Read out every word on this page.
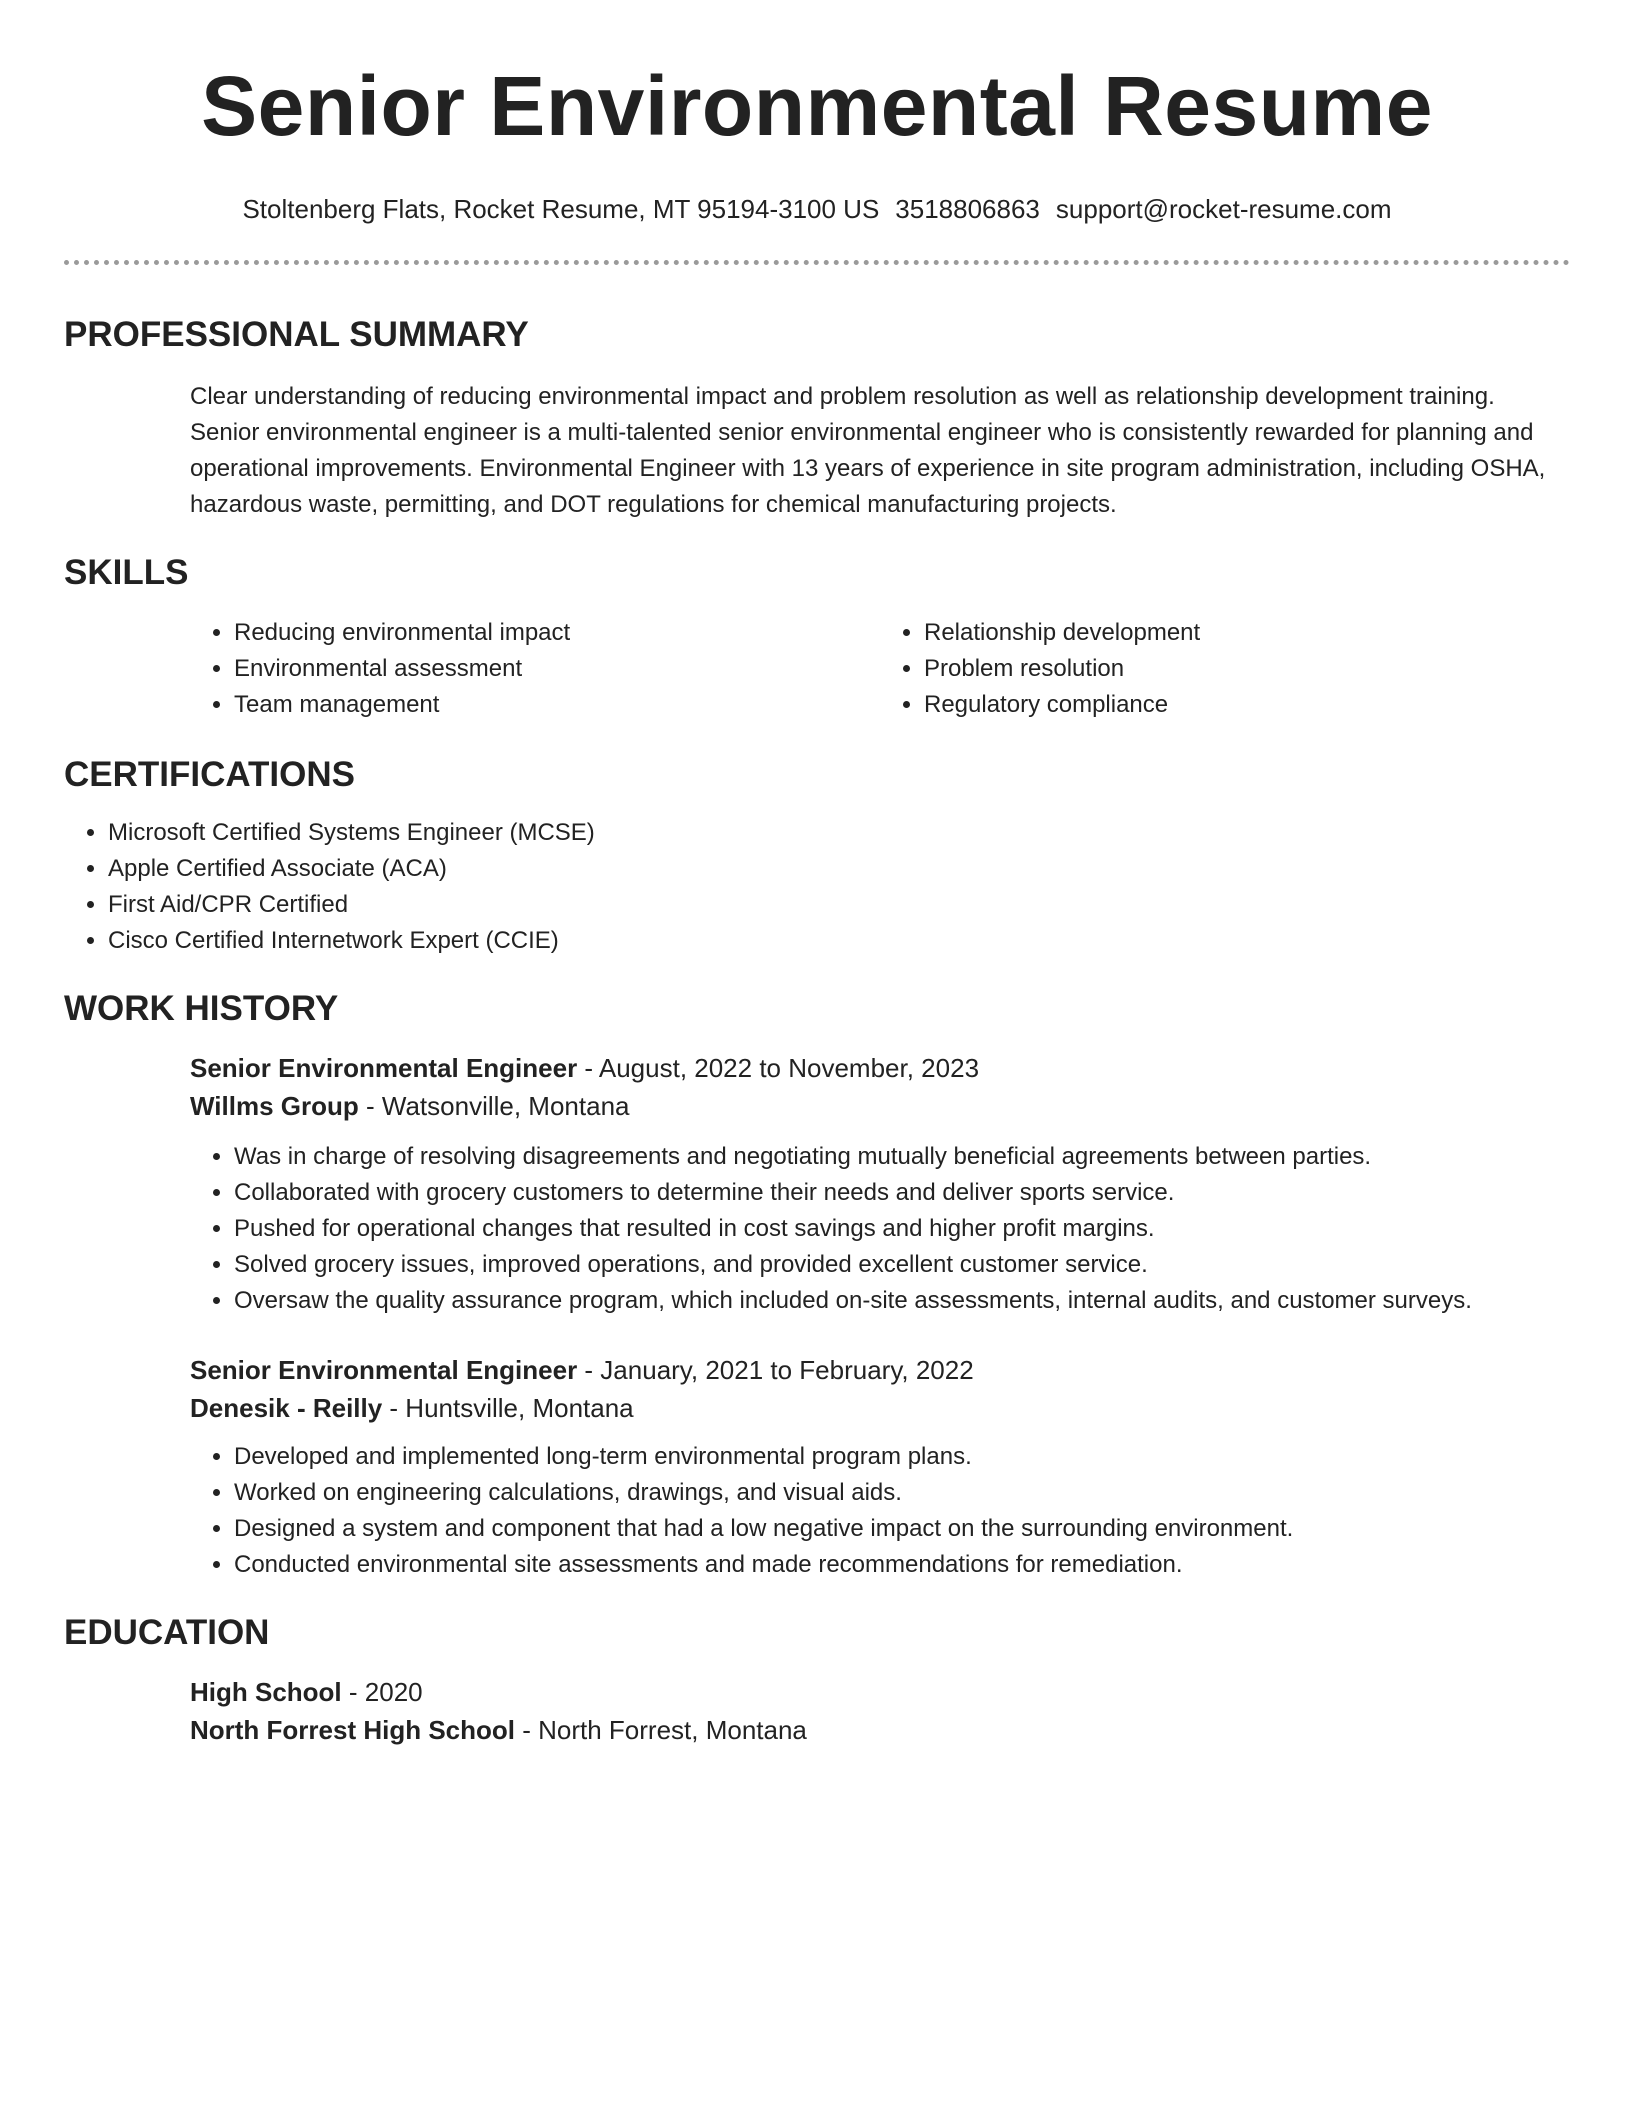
Senior Environmental Resume
Stoltenberg Flats, Rocket Resume, MT 95194-3100 US 3518806863 support@rocket-resume.com
PROFESSIONAL SUMMARY

Clear understanding of reducing environmental impact and problem resolution as well as relationship development training. Senior environmental engineer is a multi-talented senior environmental engineer who is consistently rewarded for planning and operational improvements. Environmental Engineer with 13 years of experience in site program administration, including OSHA, hazardous waste, permitting, and DOT regulations for chemical manufacturing projects.

SKILLS
• Reducing environmental impact
• Environmental assessment
• Team management
• Relationship development
• Problem resolution
• Regulatory compliance
CERTIFICATIONS
• Microsoft Certified Systems Engineer (MCSE)
• Apple Certified Associate (ACA)
• First Aid/CPR Certified
• Cisco Certified Internetwork Expert (CCIE)
WORK HISTORY
Senior Environmental Engineer - August, 2022 to November, 2023
Willms Group - Watsonville, Montana
• Was in charge of resolving disagreements and negotiating mutually beneficial agreements between parties.
• Collaborated with grocery customers to determine their needs and deliver sports service.
• Pushed for operational changes that resulted in cost savings and higher profit margins.
• Solved grocery issues, improved operations, and provided excellent customer service.
• Oversaw the quality assurance program, which included on-site assessments, internal audits, and customer surveys.
Senior Environmental Engineer - January, 2021 to February, 2022
Denesik - Reilly - Huntsville, Montana
• Developed and implemented long-term environmental program plans.
• Worked on engineering calculations, drawings, and visual aids.
• Designed a system and component that had a low negative impact on the surrounding environment.
• Conducted environmental site assessments and made recommendations for remediation.
EDUCATION
High School - 2020
North Forrest High School - North Forrest, Montana
